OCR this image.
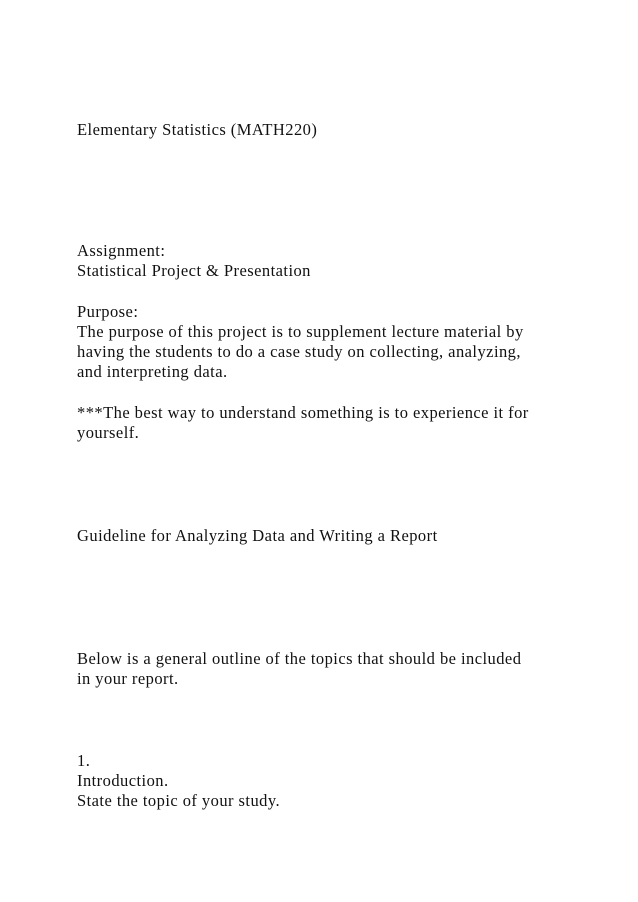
Elementary Statistics (MATH220)
Assignment:
Statistical Project & Presentation
Purpose:
The purpose of this project is to supplement lecture material by
having the students to do a case study on collecting, analyzing,
and interpreting data.
***The best way to understand something is to experience it for
yourself.
Guideline for Analyzing Data and Writing a Report
Below is a general outline of the topics that should be included
in your report.
1.
Introduction.
State the topic of your study.
